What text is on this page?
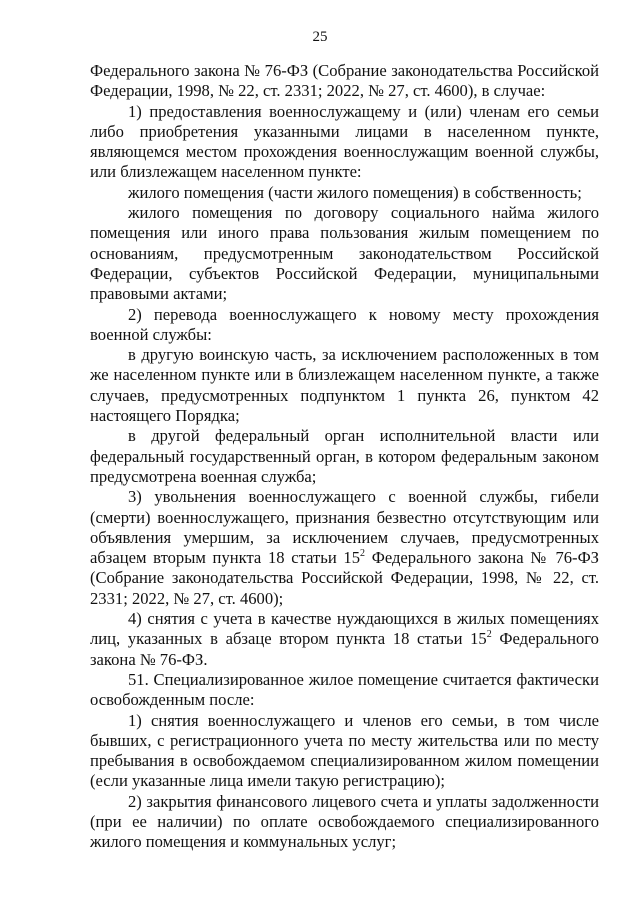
25

Федерального закона № 76-ФЗ (Собрание законодательства Российской Федерации, 1998, № 22, ст. 2331; 2022, № 27, ст. 4600), в случае:

1) предоставления военнослужащему и (или) членам его семьи либо приобретения указанными лицами в населенном пункте, являющемся местом прохождения военнослужащим военной службы, или близлежащем населенном пункте:

жилого помещения (части жилого помещения) в собственность;

жилого помещения по договору социального найма жилого помещения или иного права пользования жилым помещением по основаниям, предусмотренным законодательством Российской Федерации, субъектов Российской Федерации, муниципальными правовыми актами;

2) перевода военнослужащего к новому месту прохождения военной службы:

в другую воинскую часть, за исключением расположенных в том же населенном пункте или в близлежащем населенном пункте, а также случаев, предусмотренных подпунктом 1 пункта 26, пунктом 42 настоящего Порядка;

в другой федеральный орган исполнительной власти или федеральный государственный орган, в котором федеральным законом предусмотрена военная служба;

3) увольнения военнослужащего с военной службы, гибели (смерти) военнослужащего, признания безвестно отсутствующим или объявления умершим, за исключением случаев, предусмотренных абзацем вторым пункта 18 статьи $15^2$ Федерального закона № 76-ФЗ (Собрание законодательства Российской Федерации, 1998, № 22, ст. 2331; 2022, № 27, ст. 4600);

4) снятия с учета в качестве нуждающихся в жилых помещениях лиц, указанных в абзаце втором пункта 18 статьи $15^2$ Федерального закона № 76-ФЗ.

51. Специализированное жилое помещение считается фактически освобожденным после:

1) снятия военнослужащего и членов его семьи, в том числе бывших, с регистрационного учета по месту жительства или по месту пребывания в освобождаемом специализированном жилом помещении (если указанные лица имели такую регистрацию);

2) закрытия финансового лицевого счета и уплаты задолженности (при ее наличии) по оплате освобождаемого специализированного жилого помещения и коммунальных услуг;
